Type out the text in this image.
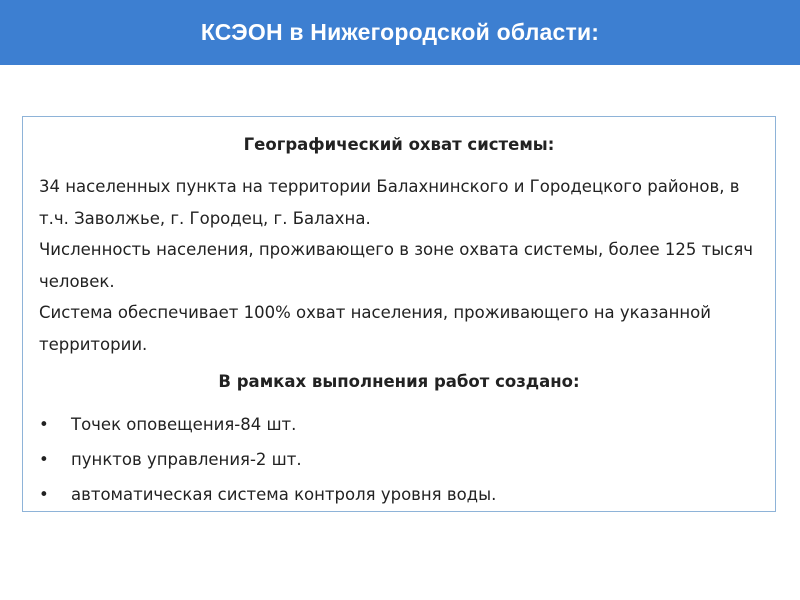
КСЭОН в Нижегородской области:
Географический охват системы:

34 населенных пункта на территории Балахнинского и Городецкого районов, в т.ч. Заволжье, г. Городец, г. Балахна.

Численность населения, проживающего в зоне охвата системы, более 125 тысяч    человек.

Система обеспечивает 100% охват населения, проживающего на указанной территории.

В рамках выполнения работ создано:
•	Точек оповещения-84 шт.
•	пунктов управления-2 шт.
•	автоматическая система контроля уровня воды.
